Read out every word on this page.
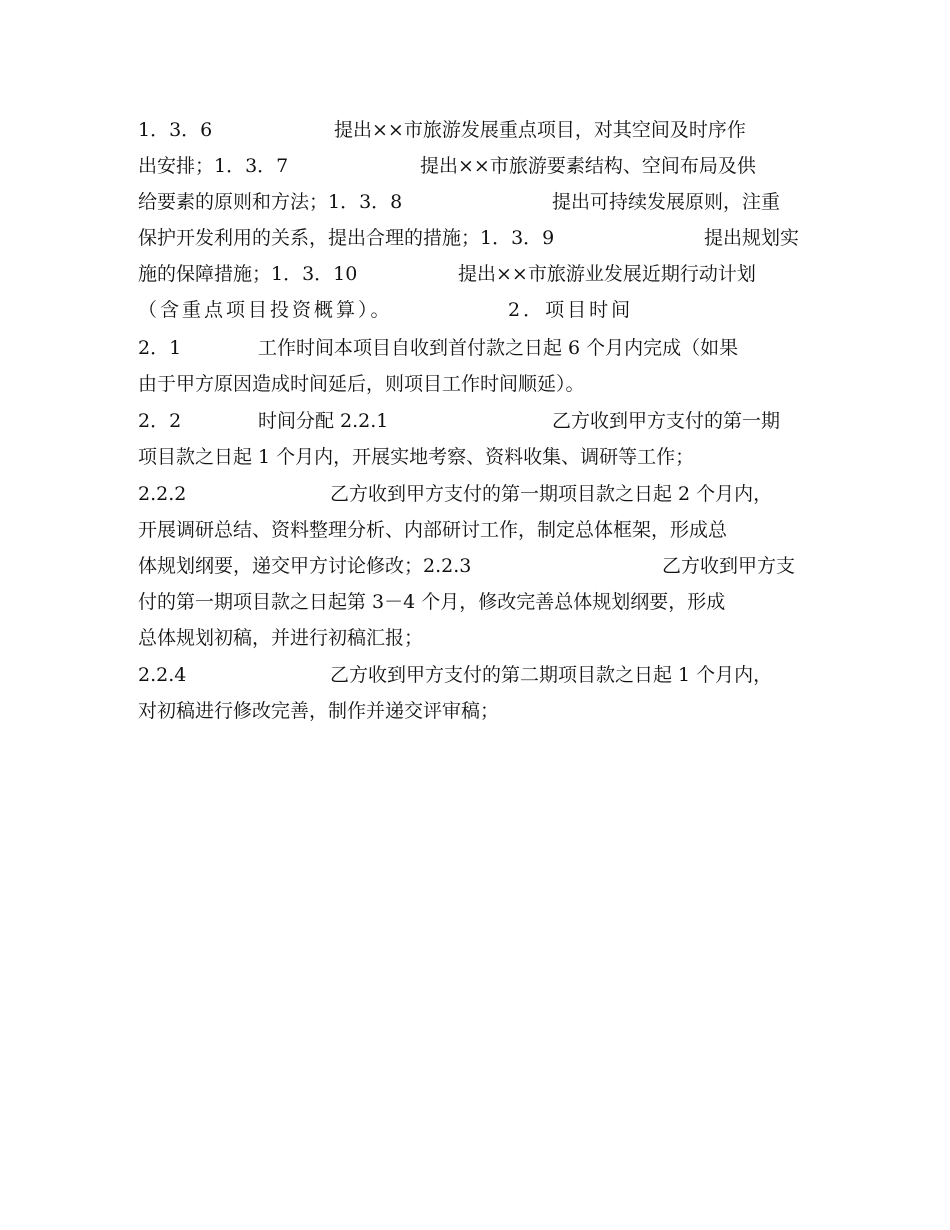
1．3．6	提出××市旅游发展重点项目，对其空间及时序作
出安排；1．3．7	提出××市旅游要素结构、空间布局及供
给要素的原则和方法；1．3．8	提出可持续发展原则，注重
保护开发利用的关系，提出合理的措施；1．3．9	提出规划实
施的保障措施；1．3．10	提出××市旅游业发展近期行动计划
（含重点项目投资概算）。	2．项目时间
2．1	工作时间本项目自收到首付款之日起 6 个月内完成（如果
由于甲方原因造成时间延后，则项目工作时间顺延）。
2．2	时间分配 2.2.1	乙方收到甲方支付的第一期
项目款之日起 1 个月内，开展实地考察、资料收集、调研等工作；
2.2.2	乙方收到甲方支付的第一期项目款之日起 2 个月内，
开展调研总结、资料整理分析、内部研讨工作，制定总体框架，形成总
体规划纲要，递交甲方讨论修改；2.2.3	乙方收到甲方支
付的第一期项目款之日起第 3－4 个月，修改完善总体规划纲要，形成
总体规划初稿，并进行初稿汇报；
2.2.4	乙方收到甲方支付的第二期项目款之日起 1 个月内，
对初稿进行修改完善，制作并递交评审稿；
